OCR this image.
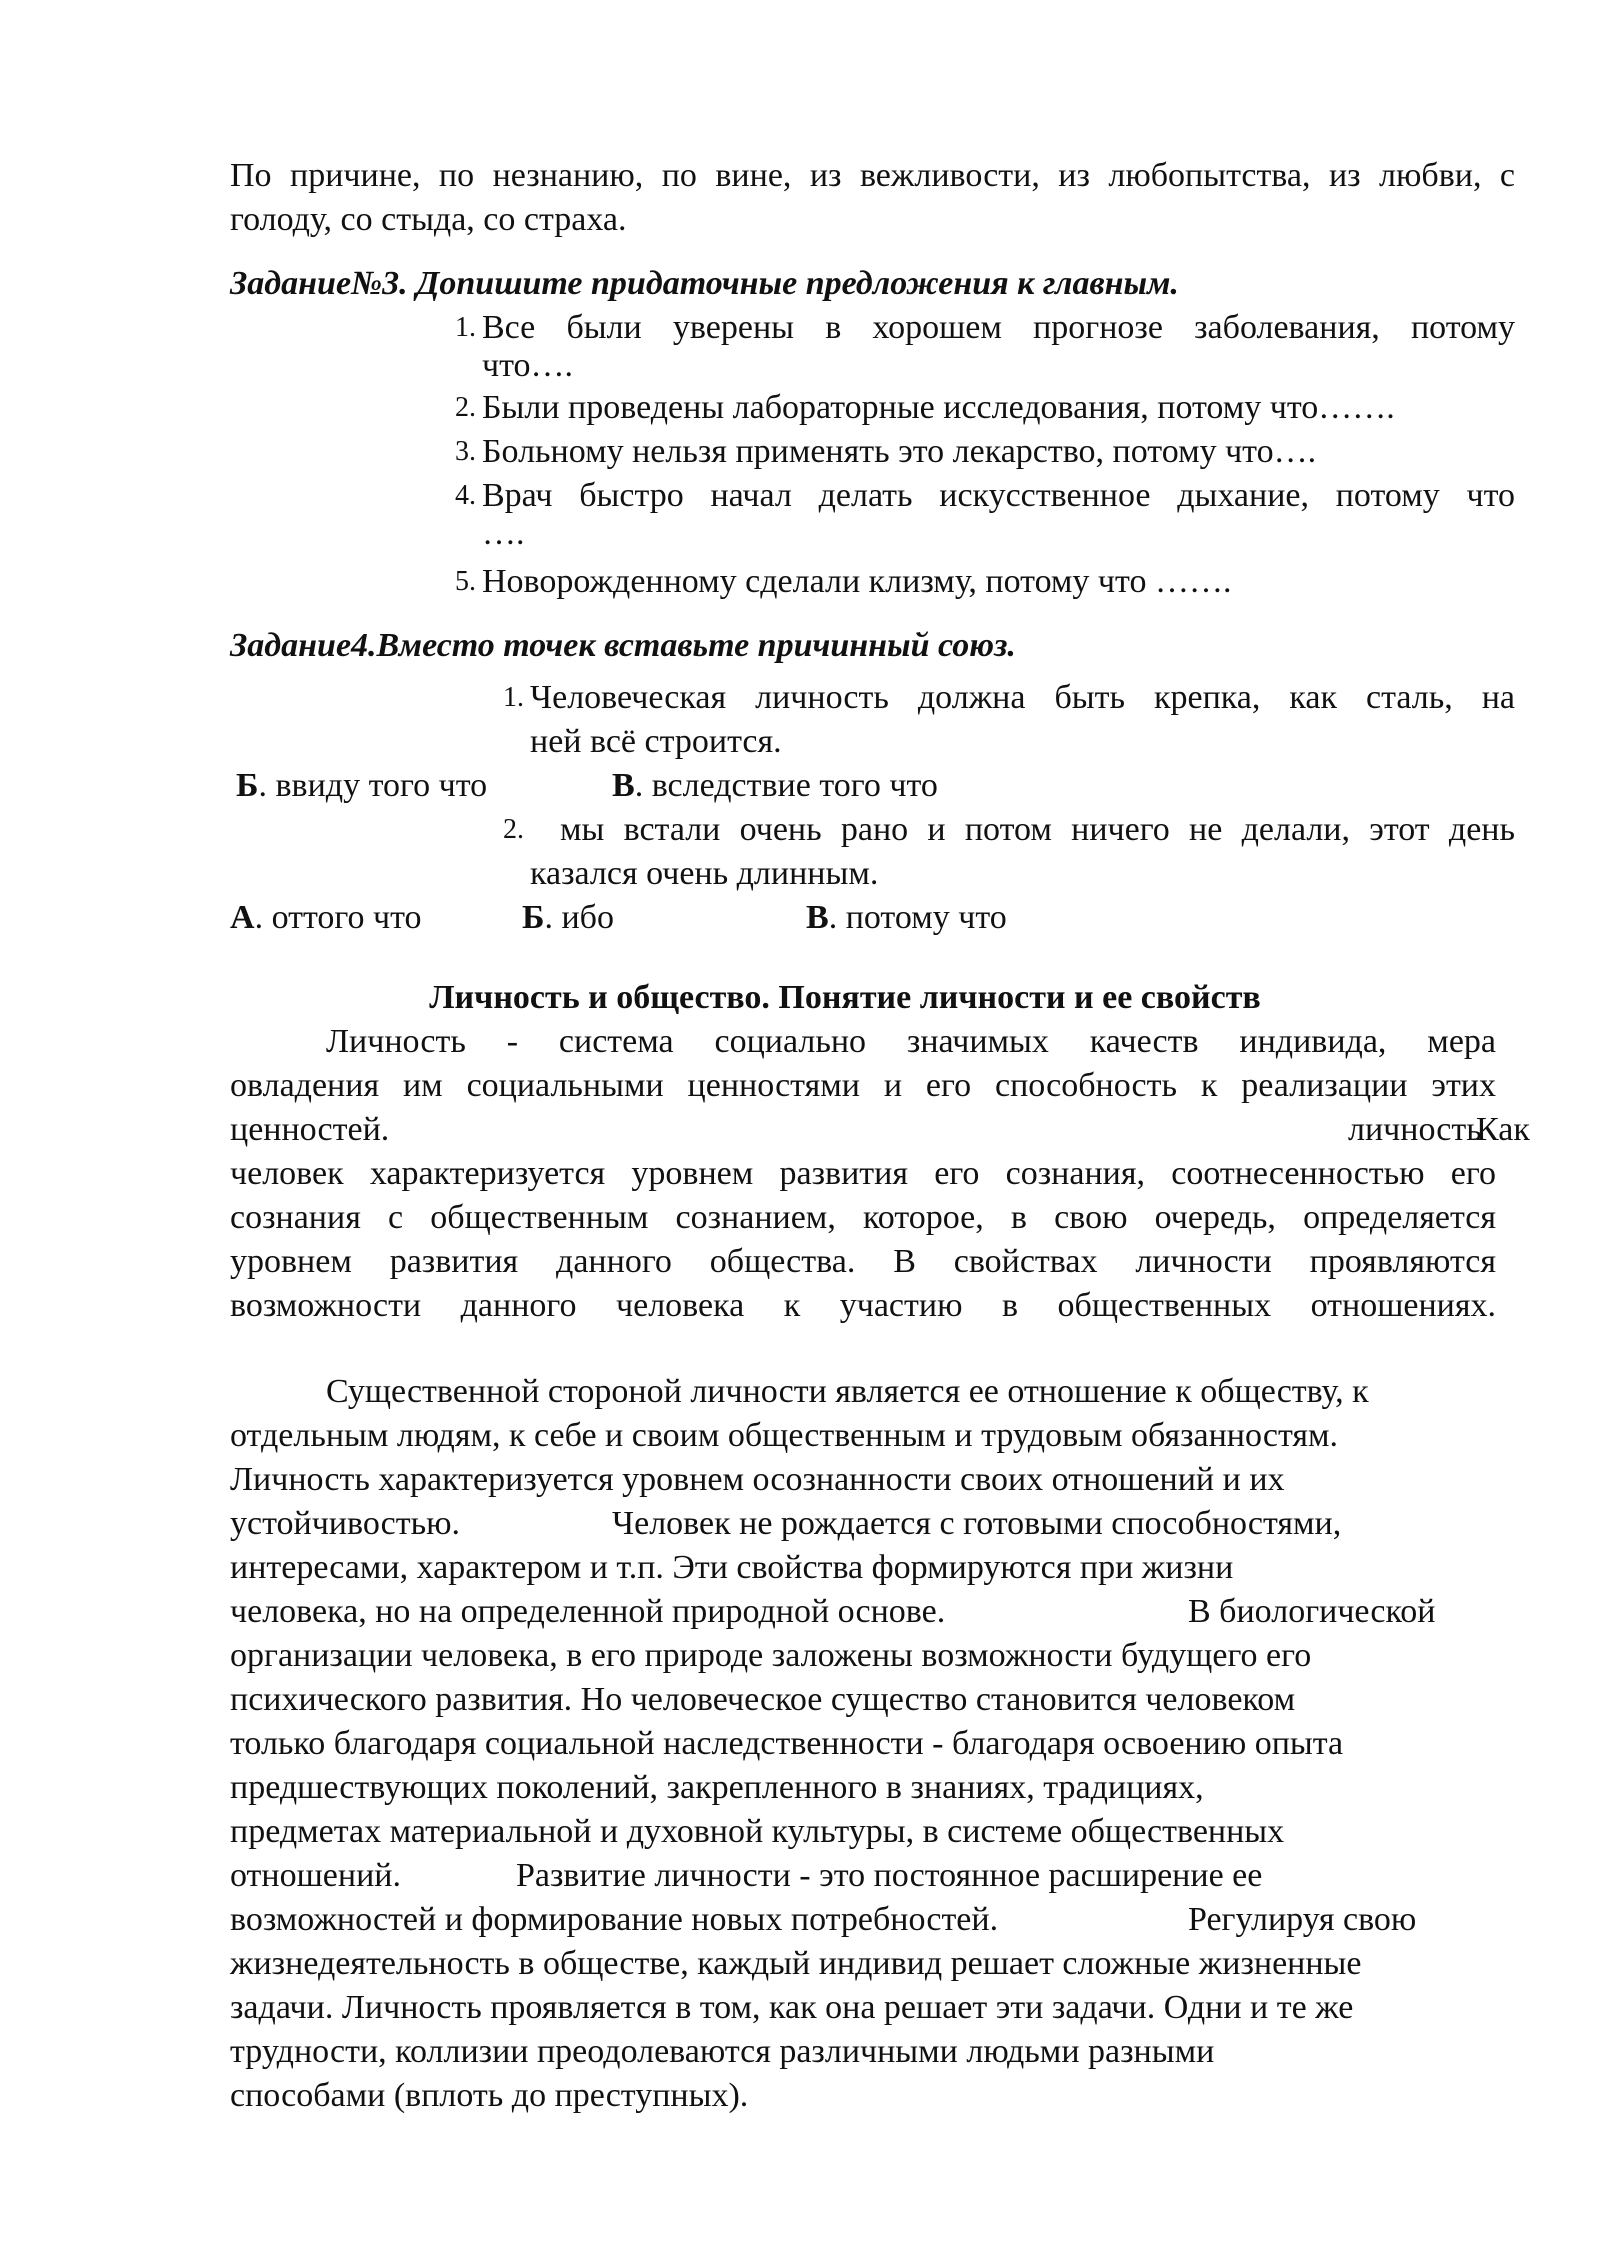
По причине, по незнанию, по вине, из вежливости, из любопытства, из любви, с
голоду, со стыда, со страха.
Задание№3. Допишите придаточные предложения к главным.
1. Все были уверены в хорошем прогнозе заболевания, потому
что….
2. Были проведены лабораторные исследования, потому что…….
3. Больному нельзя применять это лекарство, потому что….
4. Врач быстро начал делать искусственное дыхание, потому что
….
5. Новорожденному сделали клизму, потому что …….
Задание4.Вместо точек вставьте причинный союз.
1. Человеческая личность должна быть крепка, как сталь, на
ней всё строится.
Б. ввиду того что	В. вследствие того что
2. мы встали очень рано и потом ничего не делали, этот день
казался очень длинным.
А. оттого что	Б. ибо	В. потому что
Личность и общество. Понятие личности и ее свойств
Личность - система социально значимых качеств индивида, мера
овладения им социальными ценностями и его способность к реализации этих
ценностей.	личность
Как
человек характеризуется уровнем развития его сознания, соотнесенностью его
сознания с общественным сознанием, которое, в свою очередь, определяется
уровнем развития данного общества. В свойствах личности проявляются
возможности данного человека к участию в общественных отношениях.
Существенной стороной личности является ее отношение к обществу, к
отдельным людям, к себе и своим общественным и трудовым обязанностям.
Личность характеризуется уровнем осознанности своих отношений и их
устойчивостью.	Человек не рождается с готовыми способностями,
интересами, характером и т.п. Эти свойства формируются при жизни
человека, но на определенной природной основе.	В биологической
организации человека, в его природе заложены возможности будущего его
психического развития. Но человеческое существо становится человеком
только благодаря социальной наследственности - благодаря освоению опыта
предшествующих поколений, закрепленного в знаниях, традициях,
предметах материальной и духовной культуры, в системе общественных
отношений.	Развитие личности - это постоянное расширение ее
возможностей и формирование новых потребностей.	Регулируя свою
жизнедеятельность в обществе, каждый индивид решает сложные жизненные
задачи. Личность проявляется в том, как она решает эти задачи. Одни и те же
трудности, коллизии преодолеваются различными людьми разными
способами (вплоть до преступных).
